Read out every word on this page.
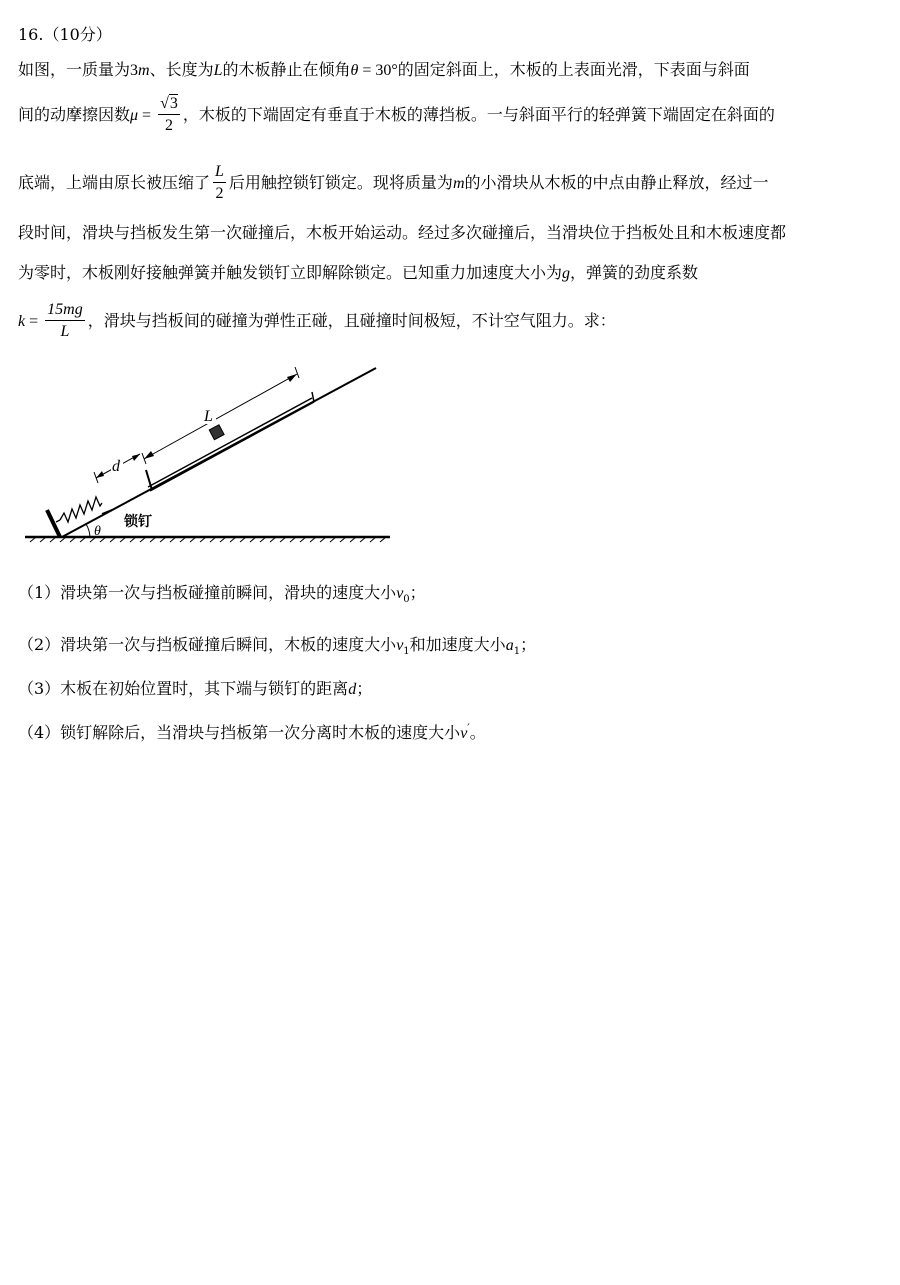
16.（10分）
如图，一质量为3m、长度为L的木板静止在倾角θ = 30°的固定斜面上，木板的上表面光滑，下表面与斜面
间的动摩擦因数$\mu = \frac{√3}{2}$ ，木板的下端固定有垂直于木板的薄挡板。一与斜面平行的轻弹簧下端固定在斜面的
底端，上端由原长被压缩了 $\frac{L}{2}$ 后用触控锁钉锁定。现将质量为m的小滑块从木板的中点由静止释放，经过一
段时间，滑块与挡板发生第一次碰撞后，木板开始运动。经过多次碰撞后，当滑块位于挡板处且和木板速度都
为零时，木板刚好接触弹簧并触发锁钉立即解除锁定。已知重力加速度大小为g，弹簧的劲度系数
$k = \frac{15mg}{L}$ ，滑块与挡板间的碰撞为弹性正碰，且碰撞时间极短，不计空气阻力。求：
L
d
θ
锁钉
（1）滑块第一次与挡板碰撞前瞬间，滑块的速度大小$v_0$；
（2）滑块第一次与挡板碰撞后瞬间，木板的速度大小$v_1$和加速度大小$a_1$；
（3）木板在初始位置时，其下端与锁钉的距离d；
（4）锁钉解除后，当滑块与挡板第一次分离时木板的速度大小v′。
